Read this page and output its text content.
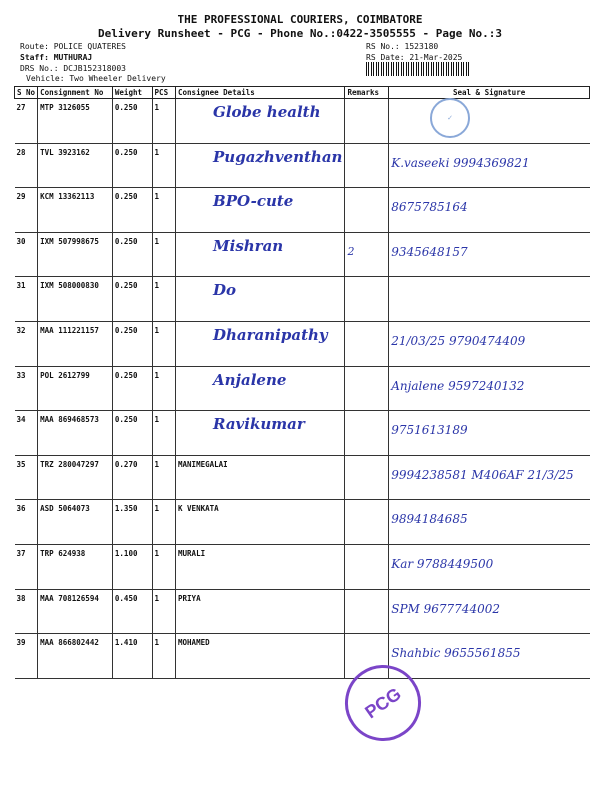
THE PROFESSIONAL COURIERS, COIMBATORE
Delivery Runsheet - PCG - Phone No.:0422-3505555 - Page No.:3
Route: POLICE QUATERES
Staff: MUTHURAJ
DRS No.: DCJB152318003
Vehicle: Two Wheeler Delivery
RS No.: 1523180
RS Date: 21-Mar-2025
S No	Consignment No	Weight	PCS	Consignee Details	Remarks	Seal & Signature
27	MTP 3126055	0.250	1	Globe health		

28	TVL 3923162	0.250	1	Pugazhventhan		K.vaseeki 9994369821

29	KCM 13362113	0.250	1	BPO-cute		8675785164

30	IXM 507998675	0.250	1	Mishran	2	9345648157

31	IXM 508000830	0.250	1	Do		

32	MAA 111221157	0.250	1	Dharanipathy		21/03/25 9790474409

33	POL 2612799	0.250	1	Anjalene		Anjalene 9597240132

34	MAA 869468573	0.250	1	Ravikumar		9751613189

35	TRZ 280047297	0.270	1	MANIMEGALAI		9994238581 M406AF 21/3/25

36	ASD 5064073	1.350	1	K VENKATA		9894184685

37	TRP 624938	1.100	1	MURALI		Kar 9788449500

38	MAA 708126594	0.450	1	PRIYA		SPM 9677744002

39	MAA 866802442	1.410	1	MOHAMED		Shahbic 9655561855
✓
PCG
